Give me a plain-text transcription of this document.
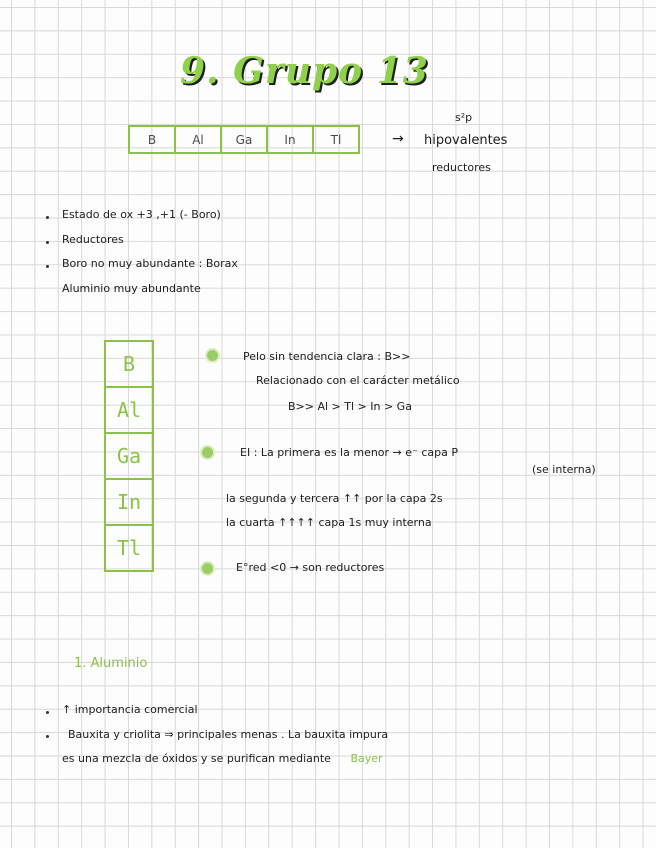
9. Grupo 13
B	Al	Ga	In	Tl	→
s²p
hipovalentes
reductores
Estado de ox +3 ,+1 (- Boro)
Reductores
Boro no muy abundante : Borax
Aluminio muy abundante
B
Al
Ga
In
Tl
Pelo sin tendencia clara : B>>
Relacionado con el carácter metálico
B>> Al > Tl > In > Ga
EI : La primera es la menor → e⁻ capa P
(se interna)
la segunda y tercera ↑↑ por la capa 2s
la cuarta ↑↑↑↑ capa 1s muy interna
E°red <0 → son reductores
1. Aluminio
↑ importancia comercial
Bauxita y criolita ⇒ principales menas . La bauxita impura
es una mezcla de óxidos y se purifican mediante Bayer
